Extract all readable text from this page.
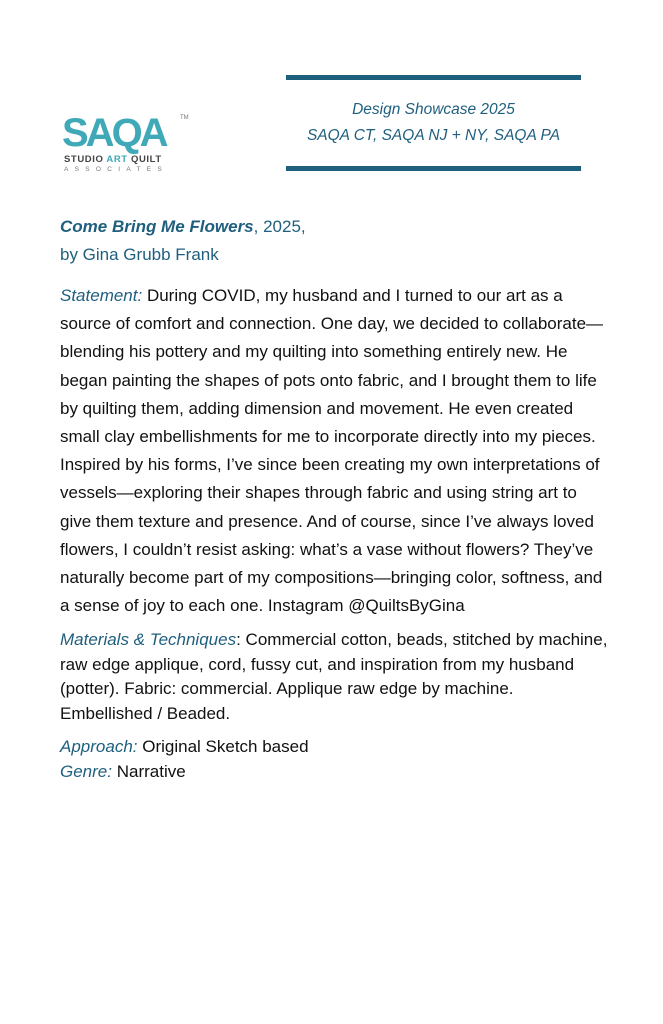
SAQA TM
STUDIO ART QUILT
ASSOCIATES
Design Showcase 2025
SAQA CT, SAQA NJ + NY, SAQA PA
Come Bring Me Flowers, 2025,
by Gina Grubb Frank
Statement: During COVID, my husband and I turned to our art as a source of comfort and connection. One day, we decided to collaborate—blending his pottery and my quilting into something entirely new. He began painting the shapes of pots onto fabric, and I brought them to life by quilting them, adding dimension and movement. He even created small clay embellishments for me to incorporate directly into my pieces. Inspired by his forms, I’ve since been creating my own interpretations of vessels—exploring their shapes through fabric and using string art to give them texture and presence. And of course, since I’ve always loved flowers, I couldn’t resist asking: what’s a vase without flowers? They’ve naturally become part of my compositions—bringing color, softness, and a sense of joy to each one. Instagram @QuiltsByGina
Materials & Techniques: Commercial cotton, beads, stitched by machine, raw edge applique, cord, fussy cut, and inspiration from my husband (potter). Fabric: commercial. Applique raw edge by machine. Embellished / Beaded.
Approach: Original Sketch based
Genre: Narrative
